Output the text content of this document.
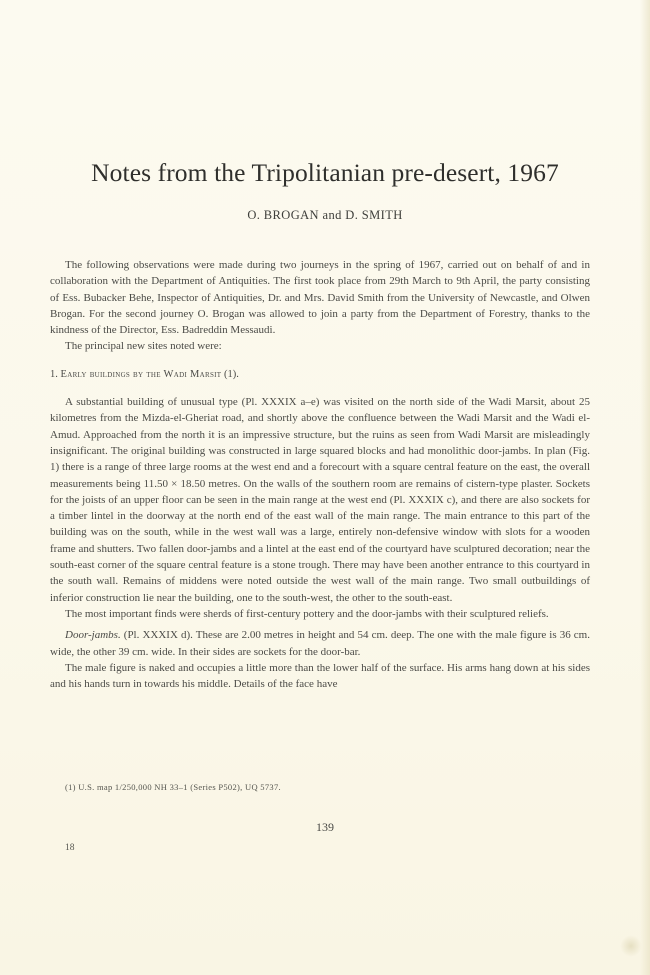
Notes from the Tripolitanian pre-desert, 1967
O. BROGAN and D. SMITH

The following observations were made during two journeys in the spring of 1967, carried out on behalf of and in collaboration with the Department of Antiquities. The first took place from 29th March to 9th April, the party consisting of Ess. Bubacker Behe, Inspector of Antiquities, Dr. and Mrs. David Smith from the University of Newcastle, and Olwen Brogan. For the second journey O. Brogan was allowed to join a party from the Department of Forestry, thanks to the kindness of the Director, Ess. Badreddin Messaudi.

The principal new sites noted were:

1. Early buildings by the Wadi Marsit (1).

A substantial building of unusual type (Pl. XXXIX a–e) was visited on the north side of the Wadi Marsit, about 25 kilometres from the Mizda-el-Gheriat road, and shortly above the confluence between the Wadi Marsit and the Wadi el-Amud. Approached from the north it is an impressive structure, but the ruins as seen from Wadi Marsit are misleadingly insignificant. The original building was constructed in large squared blocks and had monolithic door-jambs. In plan (Fig. 1) there is a range of three large rooms at the west end and a forecourt with a square central feature on the east, the overall measurements being 11.50 × 18.50 metres. On the walls of the southern room are remains of cistern-type plaster. Sockets for the joists of an upper floor can be seen in the main range at the west end (Pl. XXXIX c), and there are also sockets for a timber lintel in the doorway at the north end of the east wall of the main range. The main entrance to this part of the building was on the south, while in the west wall was a large, entirely non-defensive window with slots for a wooden frame and shutters. Two fallen door-jambs and a lintel at the east end of the courtyard have sculptured decoration; near the south-east corner of the square central feature is a stone trough. There may have been another entrance to this courtyard in the south wall. Remains of middens were noted outside the west wall of the main range. Two small outbuildings of inferior construction lie near the building, one to the south-west, the other to the south-east.

The most important finds were sherds of first-century pottery and the door-jambs with their sculptured reliefs.

Door-jambs. (Pl. XXXIX d). These are 2.00 metres in height and 54 cm. deep. The one with the male figure is 36 cm. wide, the other 39 cm. wide. In their sides are sockets for the door-bar.

The male figure is naked and occupies a little more than the lower half of the surface. His arms hang down at his sides and his hands turn in towards his middle. Details of the face have

(1) U.S. map 1/250,000 NH 33–1 (Series P502), UQ 5737.
139
18
